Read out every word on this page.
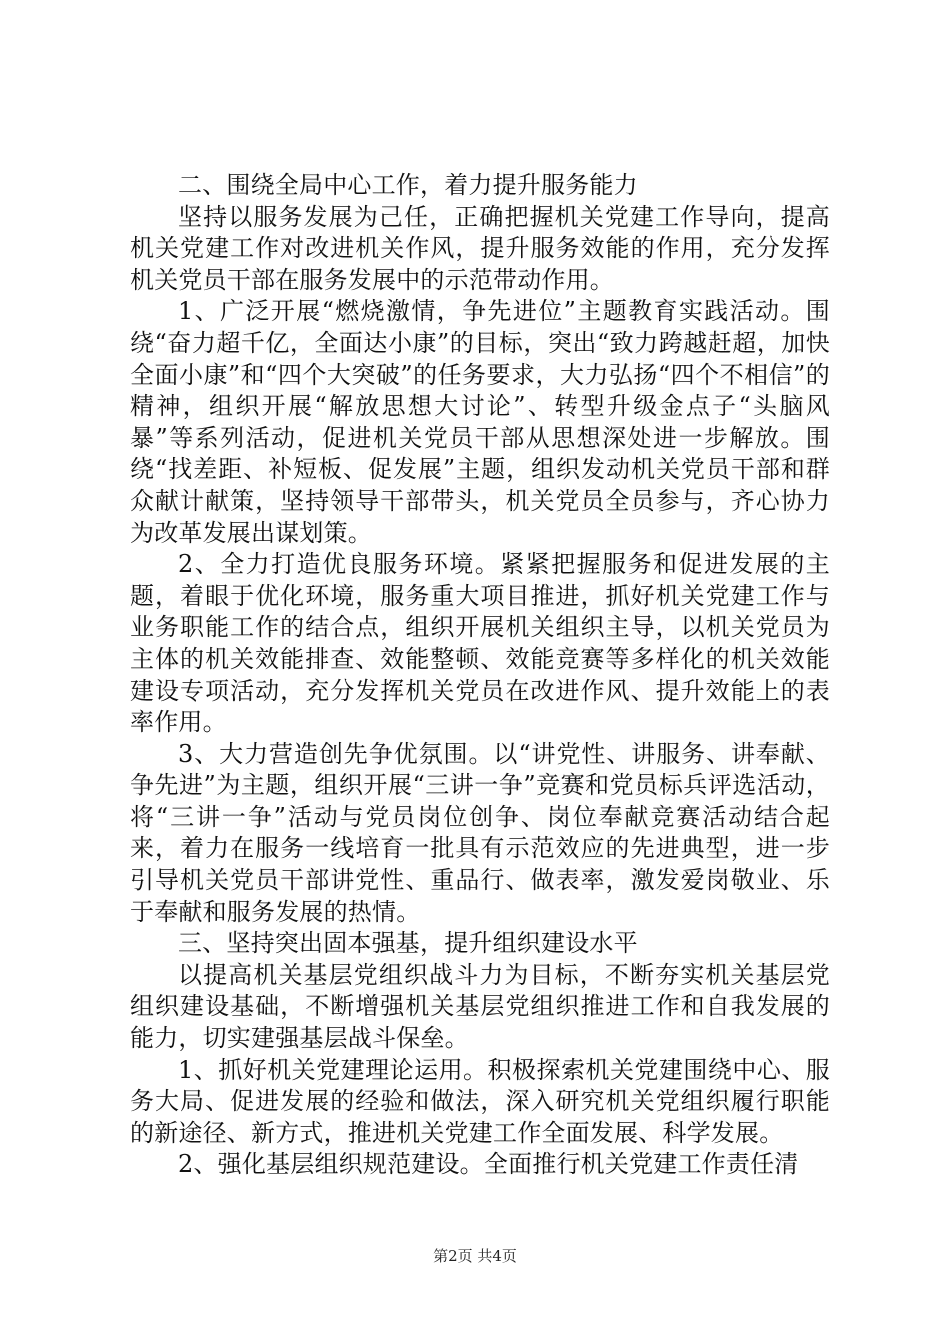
二、围绕全局中心工作，着力提升服务能力

坚持以服务发展为己任，正确把握机关党建工作导向，提高机关党建工作对改进机关作风，提升服务效能的作用，充分发挥机关党员干部在服务发展中的示范带动作用。

1、广泛开展“燃烧激情，争先进位”主题教育实践活动。围绕“奋力超千亿，全面达小康”的目标，突出“致力跨越赶超，加快全面小康”和“四个大突破”的任务要求，大力弘扬“四个不相信”的精神，组织开展“解放思想大讨论”、转型升级金点子“头脑风暴”等系列活动，促进机关党员干部从思想深处进一步解放。围绕“找差距、补短板、促发展”主题，组织发动机关党员干部和群众献计献策，坚持领导干部带头，机关党员全员参与，齐心协力为改革发展出谋划策。

2、全力打造优良服务环境。紧紧把握服务和促进发展的主题，着眼于优化环境，服务重大项目推进，抓好机关党建工作与业务职能工作的结合点，组织开展机关组织主导，以机关党员为主体的机关效能排查、效能整顿、效能竞赛等多样化的机关效能建设专项活动，充分发挥机关党员在改进作风、提升效能上的表率作用。

3、大力营造创先争优氛围。以“讲党性、讲服务、讲奉献、争先进”为主题，组织开展“三讲一争”竞赛和党员标兵评选活动，将“三讲一争”活动与党员岗位创争、岗位奉献竞赛活动结合起来，着力在服务一线培育一批具有示范效应的先进典型，进一步引导机关党员干部讲党性、重品行、做表率，激发爱岗敬业、乐于奉献和服务发展的热情。

三、坚持突出固本强基，提升组织建设水平

以提高机关基层党组织战斗力为目标，不断夯实机关基层党组织建设基础，不断增强机关基层党组织推进工作和自我发展的能力，切实建强基层战斗保垒。

1、抓好机关党建理论运用。积极探索机关党建围绕中心、服务大局、促进发展的经验和做法，深入研究机关党组织履行职能的新途径、新方式，推进机关党建工作全面发展、科学发展。

2、强化基层组织规范建设。全面推行机关党建工作责任清

第2页 共4页
